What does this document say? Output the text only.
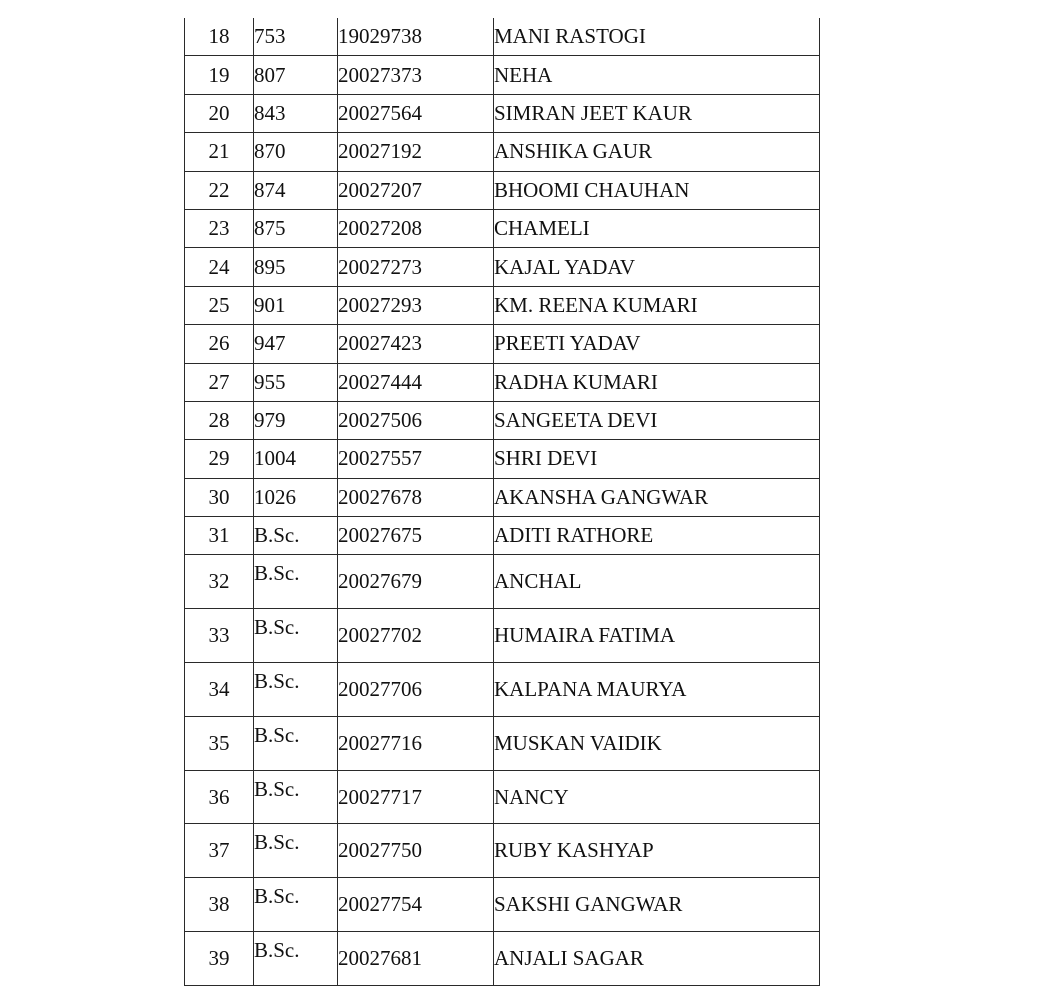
18	753	19029738	MANI RASTOGI
19	807	20027373	NEHA
20	843	20027564	SIMRAN JEET KAUR
21	870	20027192	ANSHIKA GAUR
22	874	20027207	BHOOMI CHAUHAN
23	875	20027208	CHAMELI
24	895	20027273	KAJAL YADAV
25	901	20027293	KM. REENA KUMARI
26	947	20027423	PREETI YADAV
27	955	20027444	RADHA KUMARI
28	979	20027506	SANGEETA DEVI
29	1004	20027557	SHRI DEVI
30	1026	20027678	AKANSHA GANGWAR
31	B.Sc.	20027675	ADITI RATHORE
32	B.Sc.	20027679	ANCHAL
33	B.Sc.	20027702	HUMAIRA FATIMA
34	B.Sc.	20027706	KALPANA MAURYA
35	B.Sc.	20027716	MUSKAN VAIDIK
36	B.Sc.	20027717	NANCY
37	B.Sc.	20027750	RUBY KASHYAP
38	B.Sc.	20027754	SAKSHI GANGWAR
39	B.Sc.	20027681	ANJALI SAGAR
